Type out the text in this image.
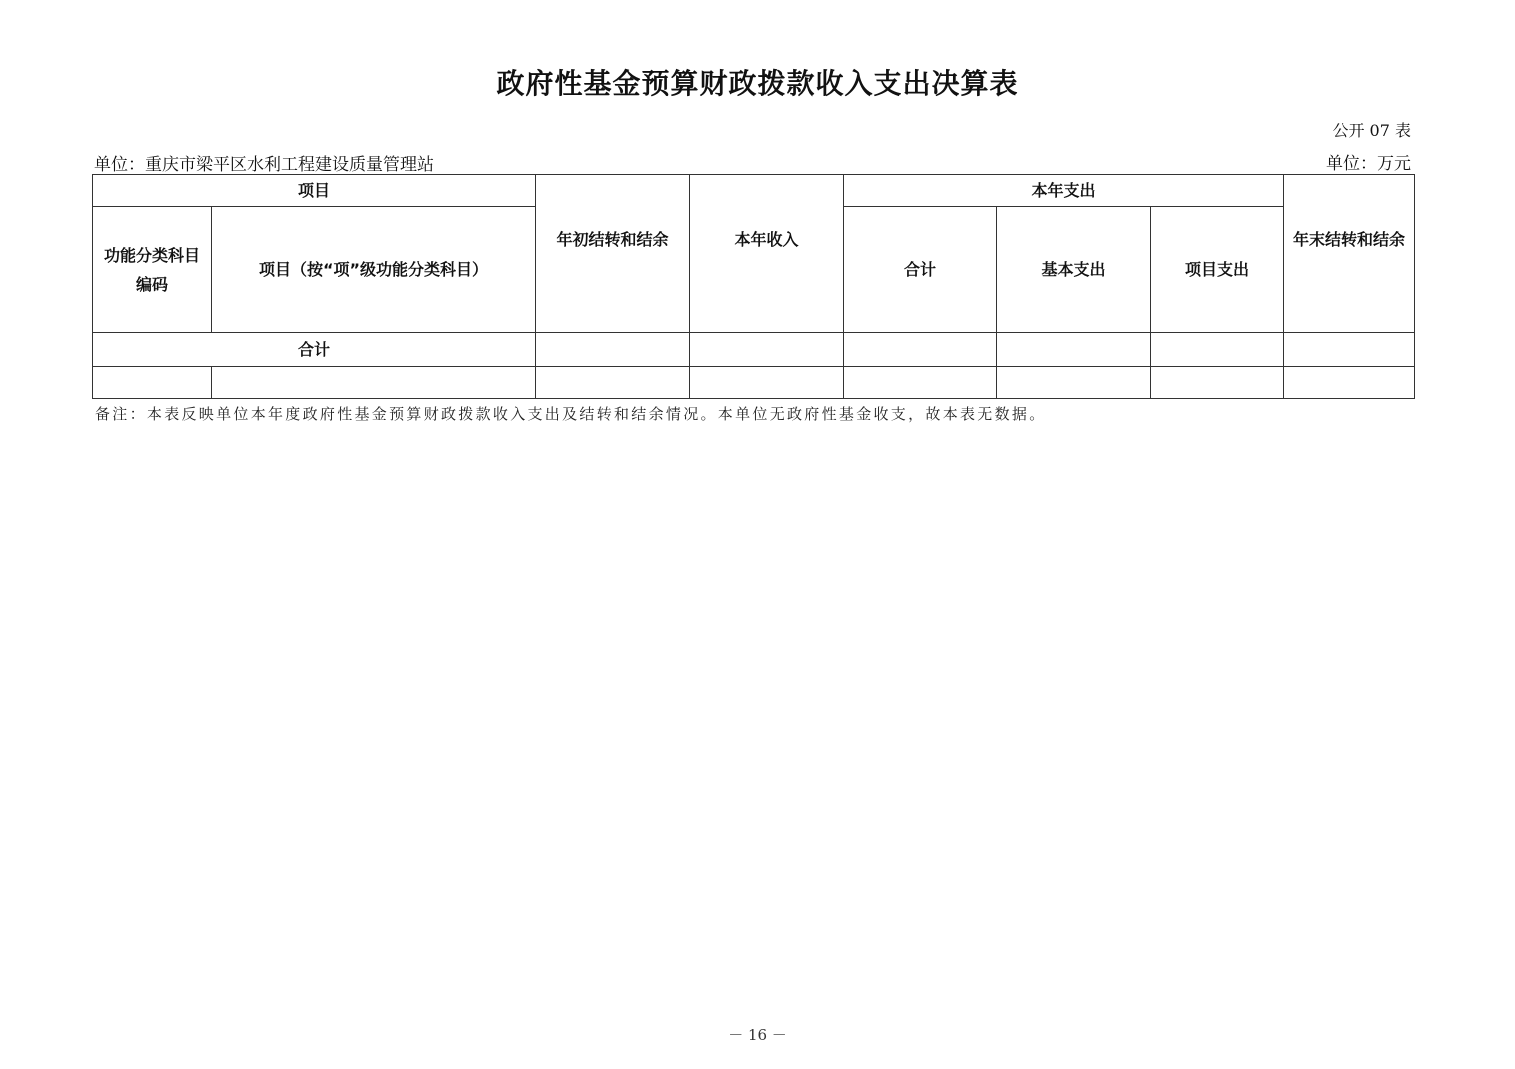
政府性基金预算财政拨款收入支出决算表
公开 07 表
单位：重庆市梁平区水利工程建设质量管理站	单位：万元
项目		年初结转和结余	本年收入	本年支出			年末结转和结余

功能分类科目
编码	项目（按“项”级功能分类科目）			合计	基本支出	项目支出	
合计							

备注：本表反映单位本年度政府性基金预算财政拨款收入支出及结转和结余情况。本单位无政府性基金收支，故本表无数据。
－ 16 －
